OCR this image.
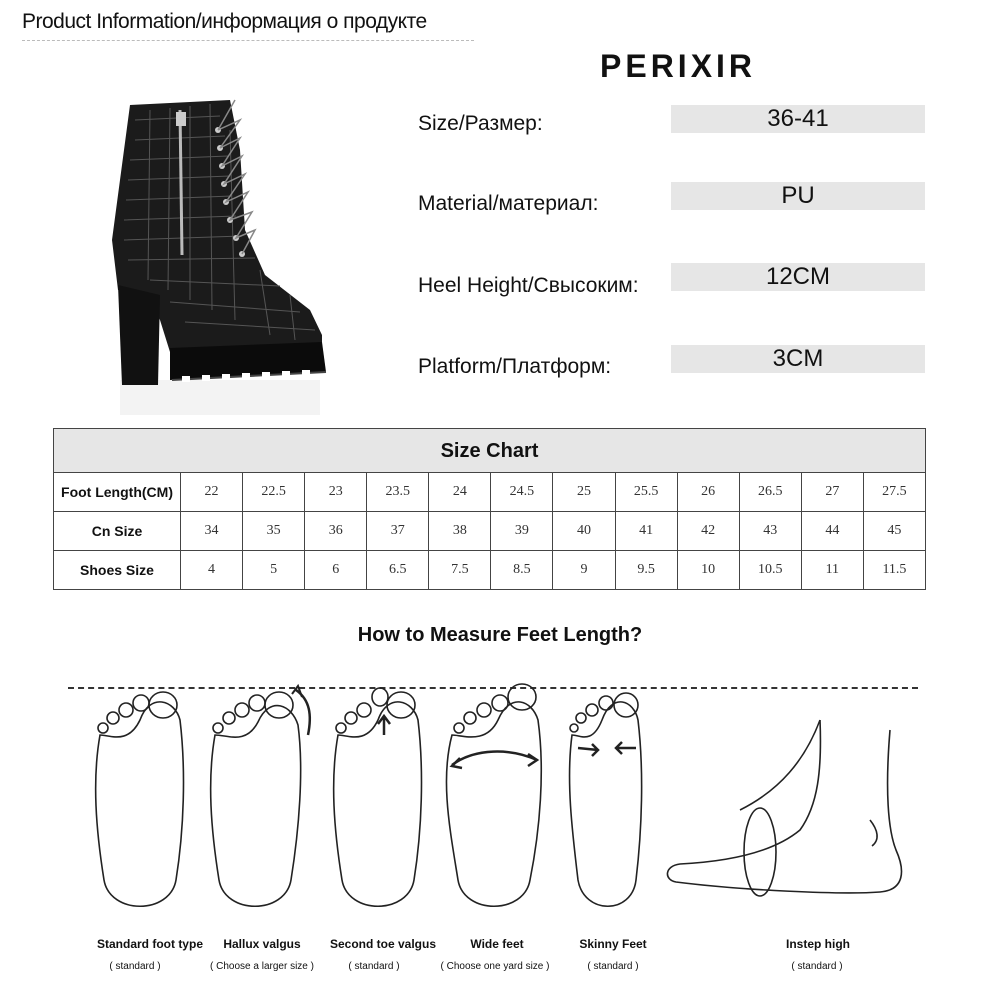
Product Information/информация о продукте
PERIXIR
Size/Размер:	36-41
Material/материал:	PU
Heel Height/Свысоким:	12CM
Platform/Платформ:	3CM
Size Chart
Foot Length(CM)	22	22.5	23	23.5	24	24.5	25	25.5	26	26.5	27	27.5
Cn Size	34	35	36	37	38	39	40	41	42	43	44	45
Shoes Size	4	5	6	6.5	7.5	8.5	9	9.5	10	10.5	11	11.5
How to Measure Feet Length?
Standard foot type
( standard )
Hallux valgus
( Choose a larger size )
Second toe valgus
( standard )
Wide feet
( Choose one yard size )
Skinny Feet
( standard )
Instep high
( standard )
